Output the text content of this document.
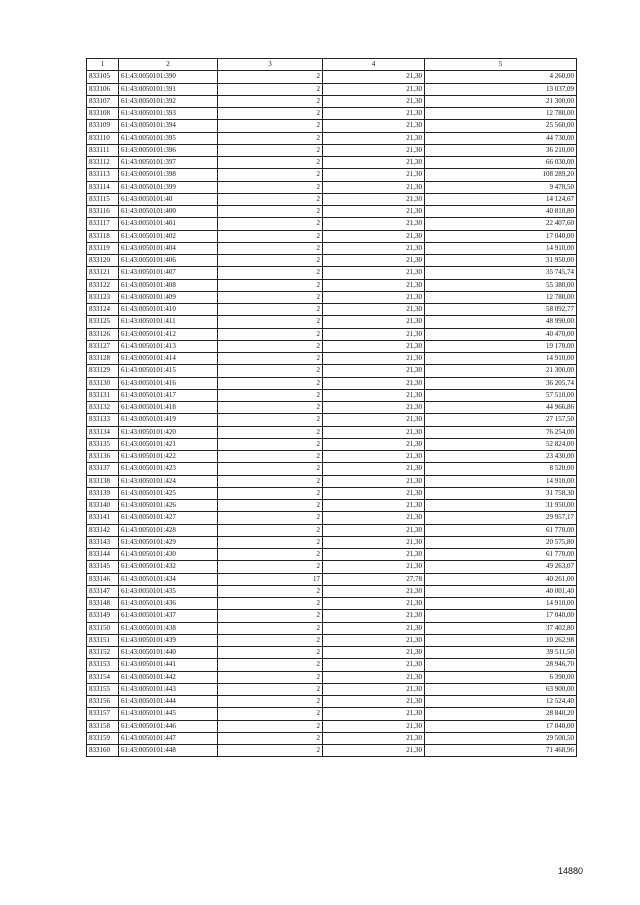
1	2	3	4	5
833105	61:43:0050101:390	2	21,30	4 260,00
833106	61:43:0050101:391	2	21,30	13 037,09
833107	61:43:0050101:392	2	21,30	21 300,00
833108	61:43:0050101:393	2	21,30	12 780,00
833109	61:43:0050101:394	2	21,30	25 560,00
833110	61:43:0050101:395	2	21,30	44 730,00
833111	61:43:0050101:396	2	21,30	36 210,00
833112	61:43:0050101:397	2	21,30	66 030,00
833113	61:43:0050101:398	2	21,30	108 289,20
833114	61:43:0050101:399	2	21,30	9 478,50
833115	61:43:0050101:40	2	21,30	14 124,67
833116	61:43:0050101:400	2	21,30	40 810,80
833117	61:43:0050101:401	2	21,30	22 407,60
833118	61:43:0050101:402	2	21,30	17 040,00
833119	61:43:0050101:404	2	21,30	14 910,00
833120	61:43:0050101:406	2	21,30	31 950,00
833121	61:43:0050101:407	2	21,30	35 745,74
833122	61:43:0050101:408	2	21,30	55 380,00
833123	61:43:0050101:409	2	21,30	12 780,00
833124	61:43:0050101:410	2	21,30	58 092,77
833125	61:43:0050101:411	2	21,30	48 990,00
833126	61:43:0050101:412	2	21,30	40 470,00
833127	61:43:0050101:413	2	21,30	19 170,00
833128	61:43:0050101:414	2	21,30	14 910,00
833129	61:43:0050101:415	2	21,30	21 300,00
833130	61:43:0050101:416	2	21,30	36 205,74
833131	61:43:0050101:417	2	21,30	57 510,00
833132	61:43:0050101:418	2	21,30	44 966,86
833133	61:43:0050101:419	2	21,30	27 157,50
833134	61:43:0050101:420	2	21,30	76 254,00
833135	61:43:0050101:421	2	21,30	52 824,00
833136	61:43:0050101:422	2	21,30	23 430,00
833137	61:43:0050101:423	2	21,30	8 520,00
833138	61:43:0050101:424	2	21,30	14 910,00
833139	61:43:0050101:425	2	21,30	31 758,30
833140	61:43:0050101:426	2	21,30	31 950,00
833141	61:43:0050101:427	2	21,30	29 957,17
833142	61:43:0050101:428	2	21,30	61 770,00
833143	61:43:0050101:429	2	21,30	20 575,80
833144	61:43:0050101:430	2	21,30	61 770,00
833145	61:43:0050101:432	2	21,30	49 263,07
833146	61:43:0050101:434	17	27,78	40 261,00
833147	61:43:0050101:435	2	21,30	40 001,40
833148	61:43:0050101:436	2	21,30	14 910,00
833149	61:43:0050101:437	2	21,30	17 040,00
833150	61:43:0050101:438	2	21,30	37 402,80
833151	61:43:0050101:439	2	21,30	10 262,98
833152	61:43:0050101:440	2	21,30	39 511,50
833153	61:43:0050101:441	2	21,30	28 946,70
833154	61:43:0050101:442	2	21,30	6 390,00
833155	61:43:0050101:443	2	21,30	63 900,00
833156	61:43:0050101:444	2	21,30	12 524,40
833157	61:43:0050101:445	2	21,30	28 840,20
833158	61:43:0050101:446	2	21,30	17 040,00
833159	61:43:0050101:447	2	21,30	29 500,50
833160	61:43:0050101:448	2	21,30	71 468,96
14880
